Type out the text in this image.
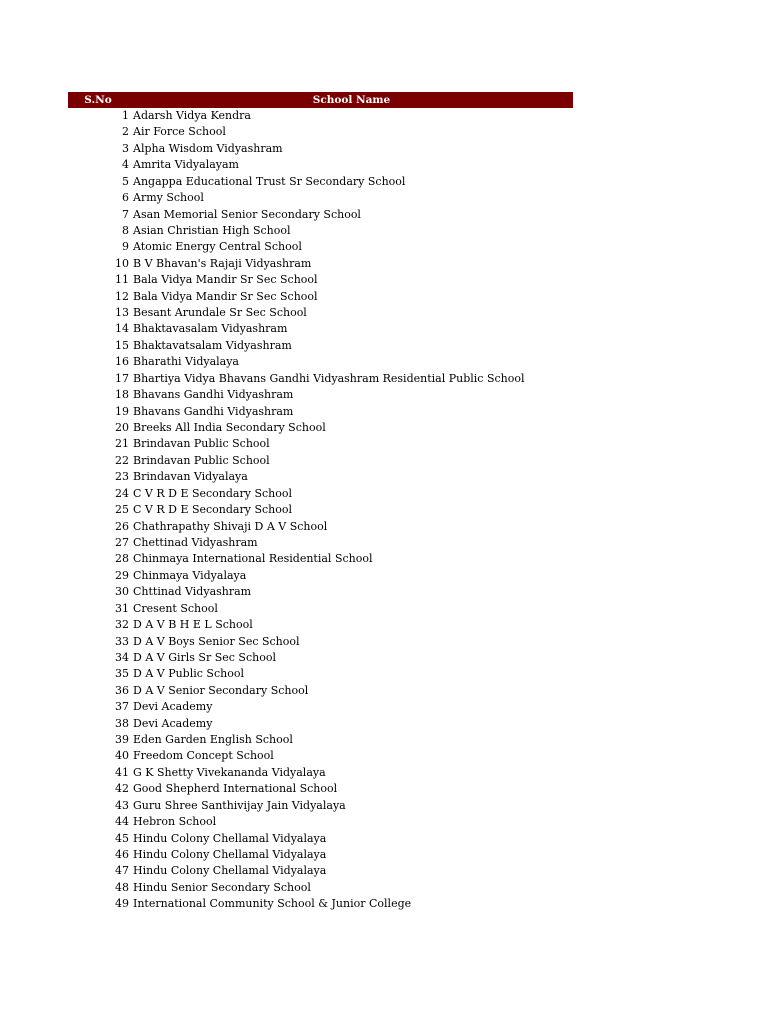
S.No	School Name
1 Adarsh Vidya Kendra
2 Air Force School
3 Alpha Wisdom Vidyashram
4 Amrita Vidyalayam
5 Angappa Educational Trust Sr Secondary School
6 Army School
7 Asan Memorial Senior Secondary School
8 Asian Christian High School
9 Atomic Energy Central School
10 B V Bhavan's Rajaji Vidyashram
11 Bala Vidya Mandir Sr Sec School
12 Bala Vidya Mandir Sr Sec School
13 Besant Arundale Sr Sec School
14 Bhaktavasalam Vidyashram
15 Bhaktavatsalam Vidyashram
16 Bharathi Vidyalaya
17 Bhartiya Vidya Bhavans Gandhi Vidyashram Residential Public School
18 Bhavans Gandhi Vidyashram
19 Bhavans Gandhi Vidyashram
20 Breeks All India Secondary School
21 Brindavan Public School
22 Brindavan Public School
23 Brindavan Vidyalaya
24 C V R D E Secondary School
25 C V R D E Secondary School
26 Chathrapathy Shivaji D A V School
27 Chettinad Vidyashram
28 Chinmaya International Residential School
29 Chinmaya Vidyalaya
30 Chttinad Vidyashram
31 Cresent School
32 D A V B H E L School
33 D A V Boys Senior Sec School
34 D A V Girls Sr Sec School
35 D A V Public School
36 D A V Senior Secondary School
37 Devi Academy
38 Devi Academy
39 Eden Garden English School
40 Freedom Concept School
41 G K Shetty Vivekananda Vidyalaya
42 Good Shepherd International School
43 Guru Shree Santhivijay Jain Vidyalaya
44 Hebron School
45 Hindu Colony Chellamal Vidyalaya
46 Hindu Colony Chellamal Vidyalaya
47 Hindu Colony Chellamal Vidyalaya
48 Hindu Senior Secondary School
49 International Community School & Junior College
